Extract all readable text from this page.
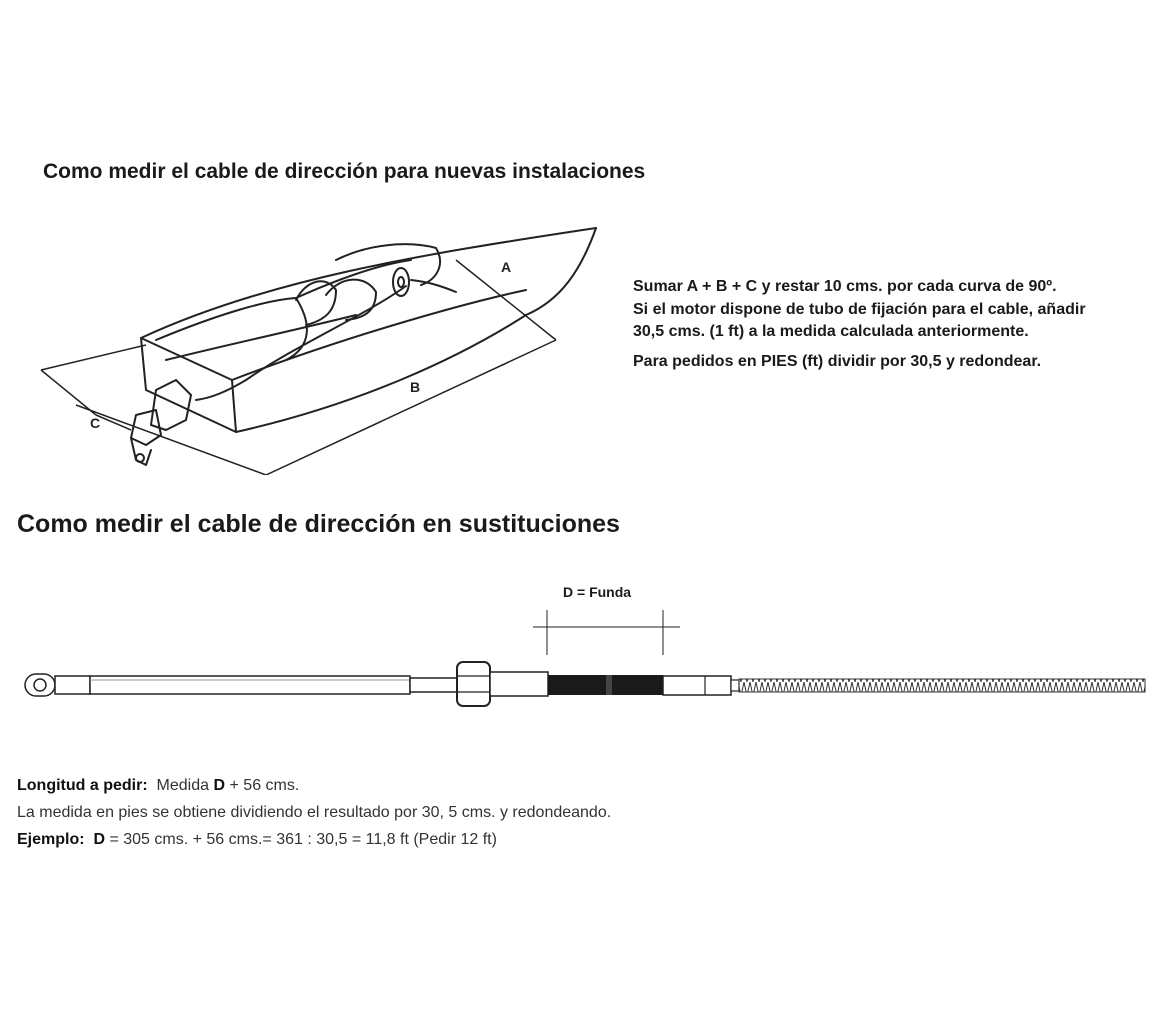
Como medir el cable de dirección para nuevas instalaciones
A
B
C

Sumar A + B + C y restar 10 cms. por cada curva de 90º.

Si el motor dispone de tubo de fijación para el cable, añadir

30,5 cms. (1 ft) a la medida calculada anteriormente.

Para pedidos en PIES (ft) dividir por 30,5 y redondear.

Como medir el cable de dirección en sustituciones
D = Funda

Longitud a pedir: Medida D + 56 cms.

La medida en pies se obtiene dividiendo el resultado por 30, 5 cms. y redondeando.

Ejemplo: D = 305 cms. + 56 cms.= 361 : 30,5 = 11,8 ft (Pedir 12 ft)
